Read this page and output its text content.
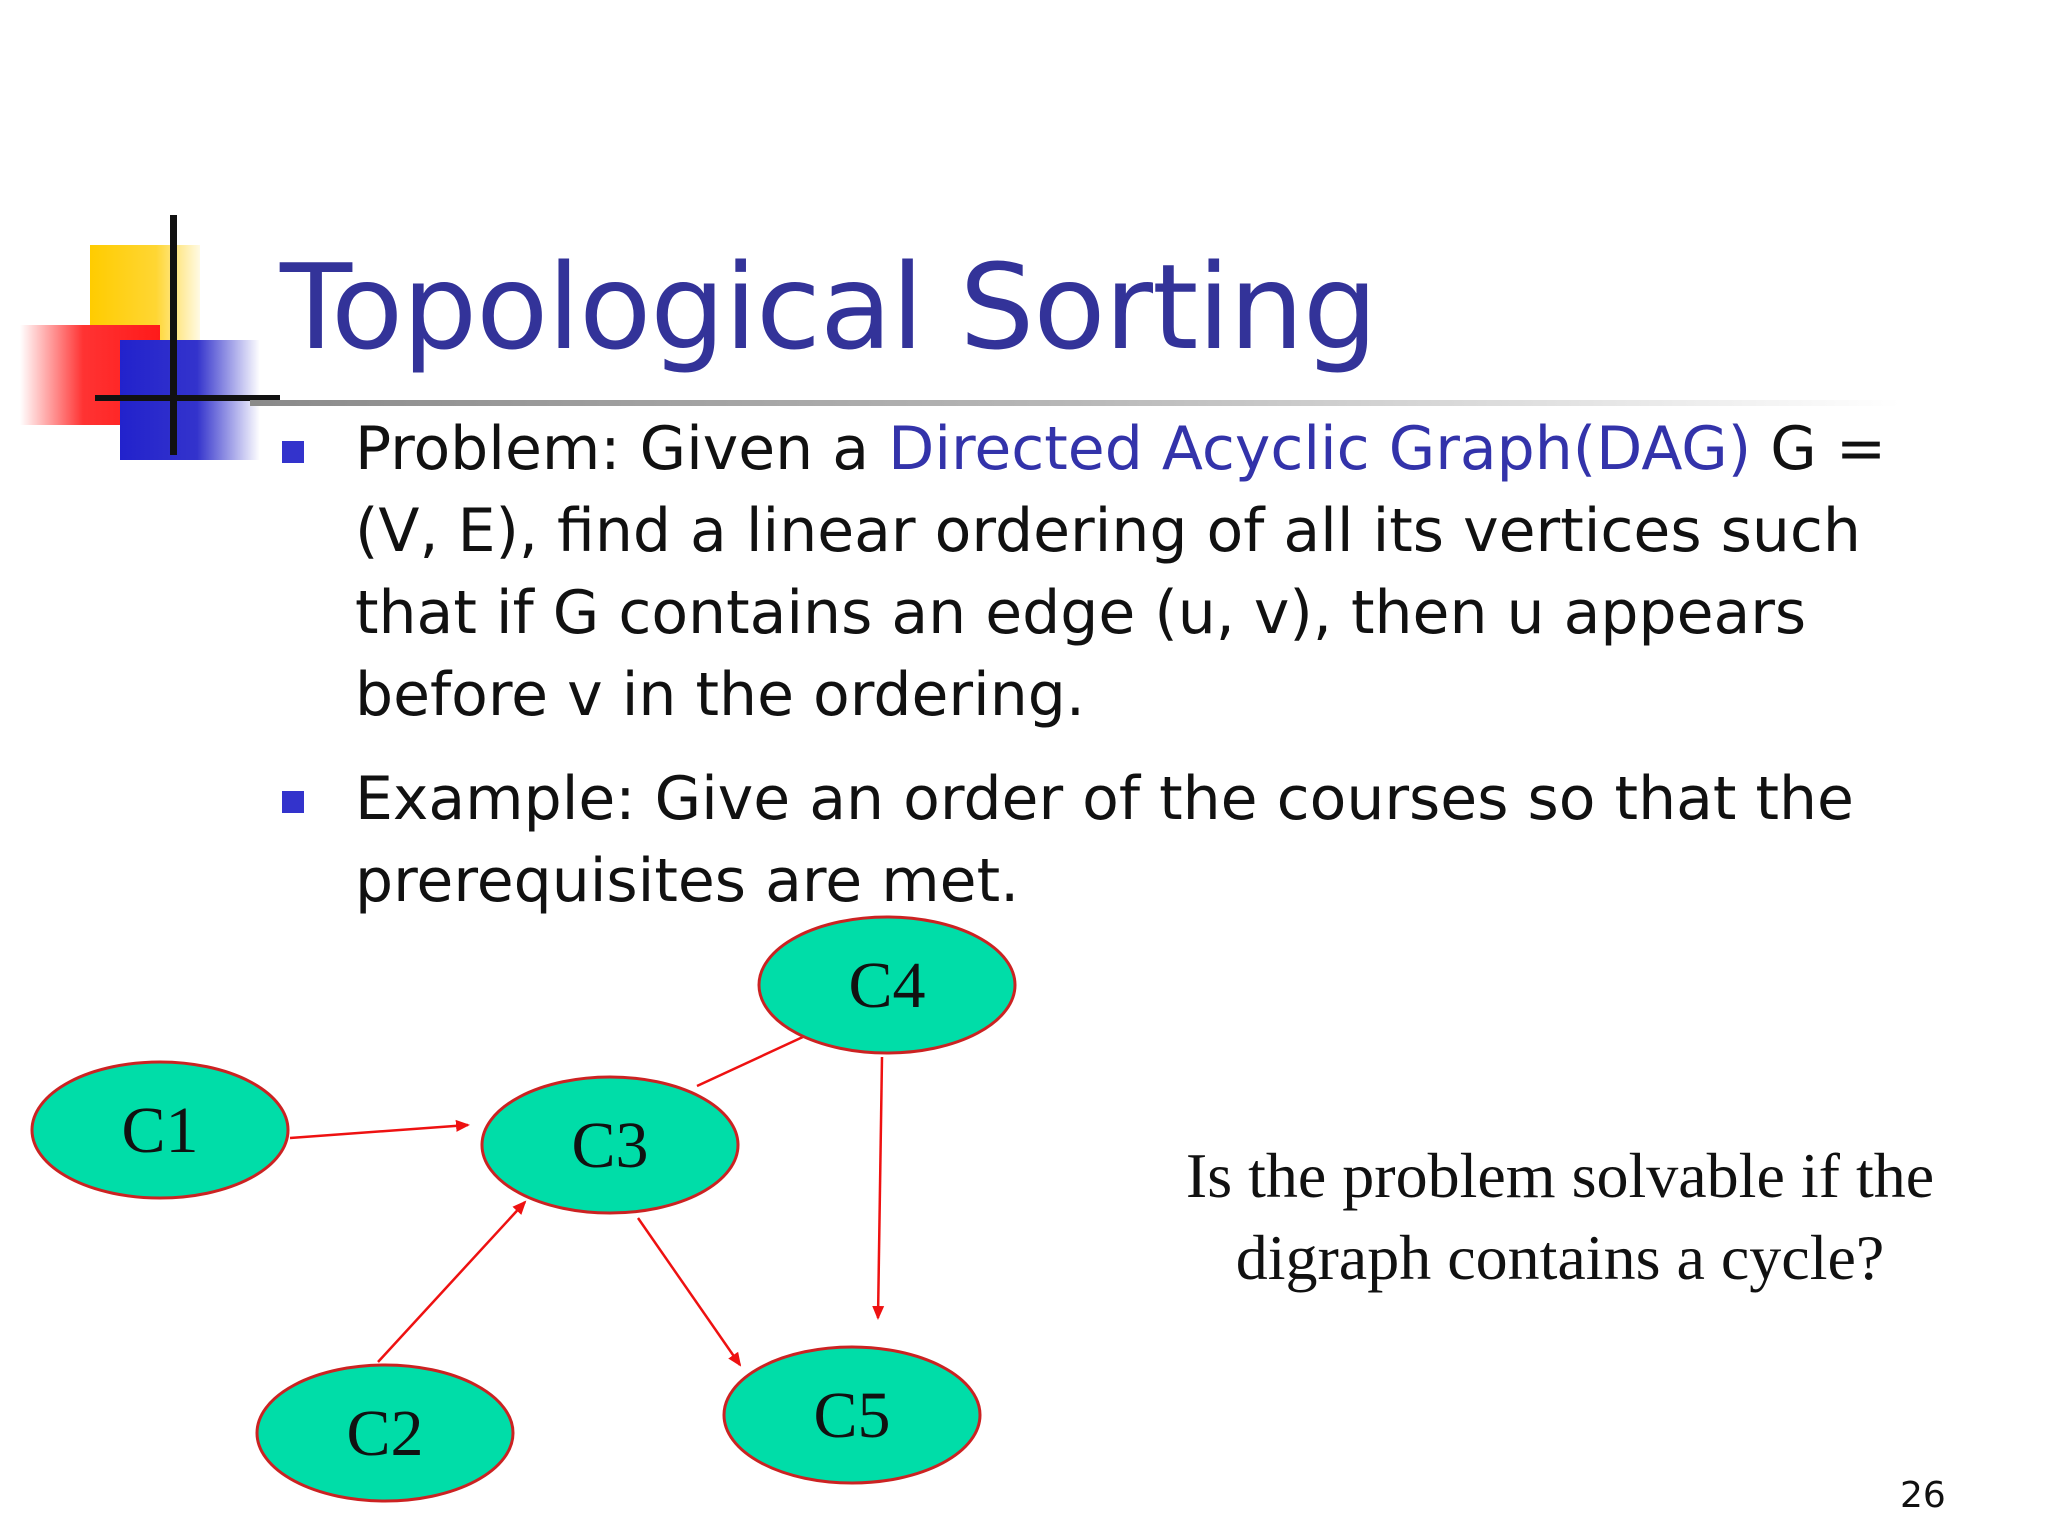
Topological Sorting
Problem: Given a Directed Acyclic Graph(DAG) G = (V, E), find a linear ordering of all its vertices such that if G contains an edge (u, v), then u appears before v in the ordering.
Example: Give an order of the courses so that the prerequisites are met.
C1
C2
C3
C4
C5
Is the problem solvable if the
digraph contains a cycle?
26
